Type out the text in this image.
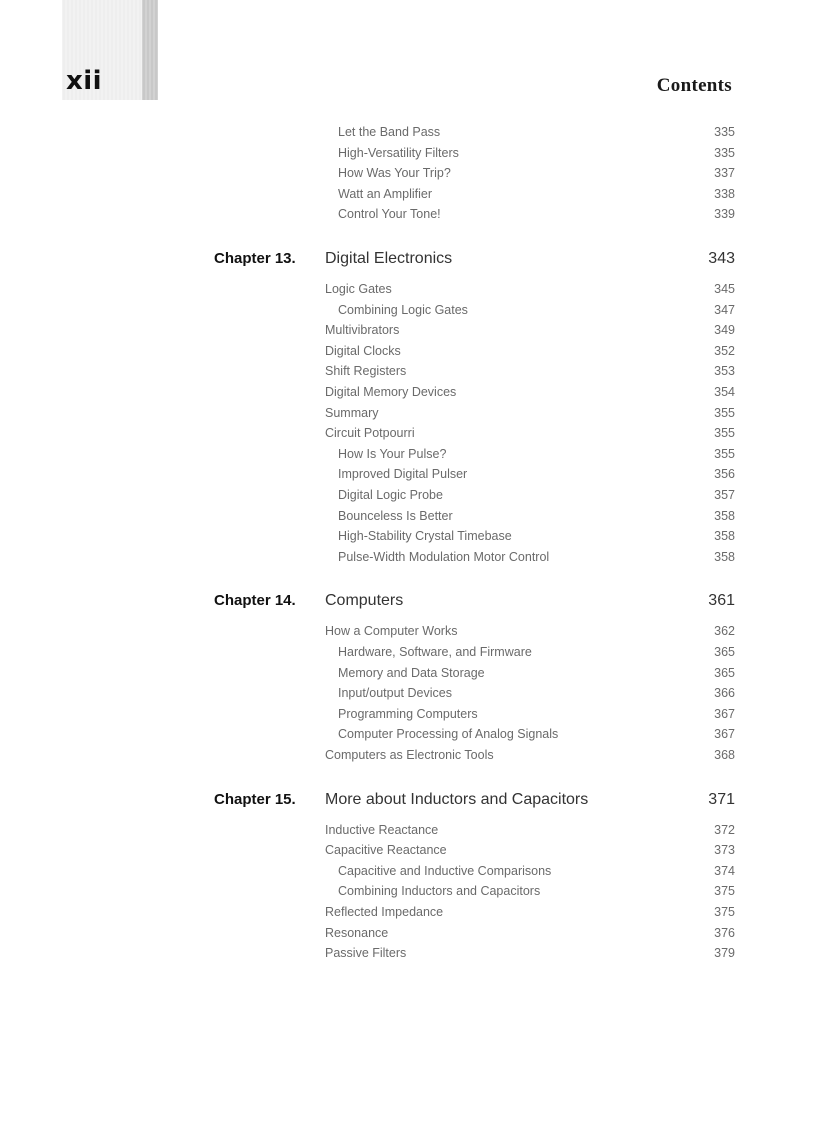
xii	Contents
Let the Band Pass	335
High-Versatility Filters	335
How Was Your Trip?	337
Watt an Amplifier	338
Control Your Tone!	339
Chapter 13. Digital Electronics	343
Logic Gates	345
Combining Logic Gates	347
Multivibrators	349
Digital Clocks	352
Shift Registers	353
Digital Memory Devices	354
Summary	355
Circuit Potpourri	355
How Is Your Pulse?	355
Improved Digital Pulser	356
Digital Logic Probe	357
Bounceless Is Better	358
High-Stability Crystal Timebase	358
Pulse-Width Modulation Motor Control	358
Chapter 14. Computers	361
How a Computer Works	362
Hardware, Software, and Firmware	365
Memory and Data Storage	365
Input/output Devices	366
Programming Computers	367
Computer Processing of Analog Signals	367
Computers as Electronic Tools	368
Chapter 15. More about Inductors and Capacitors	371
Inductive Reactance	372
Capacitive Reactance	373
Capacitive and Inductive Comparisons	374
Combining Inductors and Capacitors	375
Reflected Impedance	375
Resonance	376
Passive Filters	379
